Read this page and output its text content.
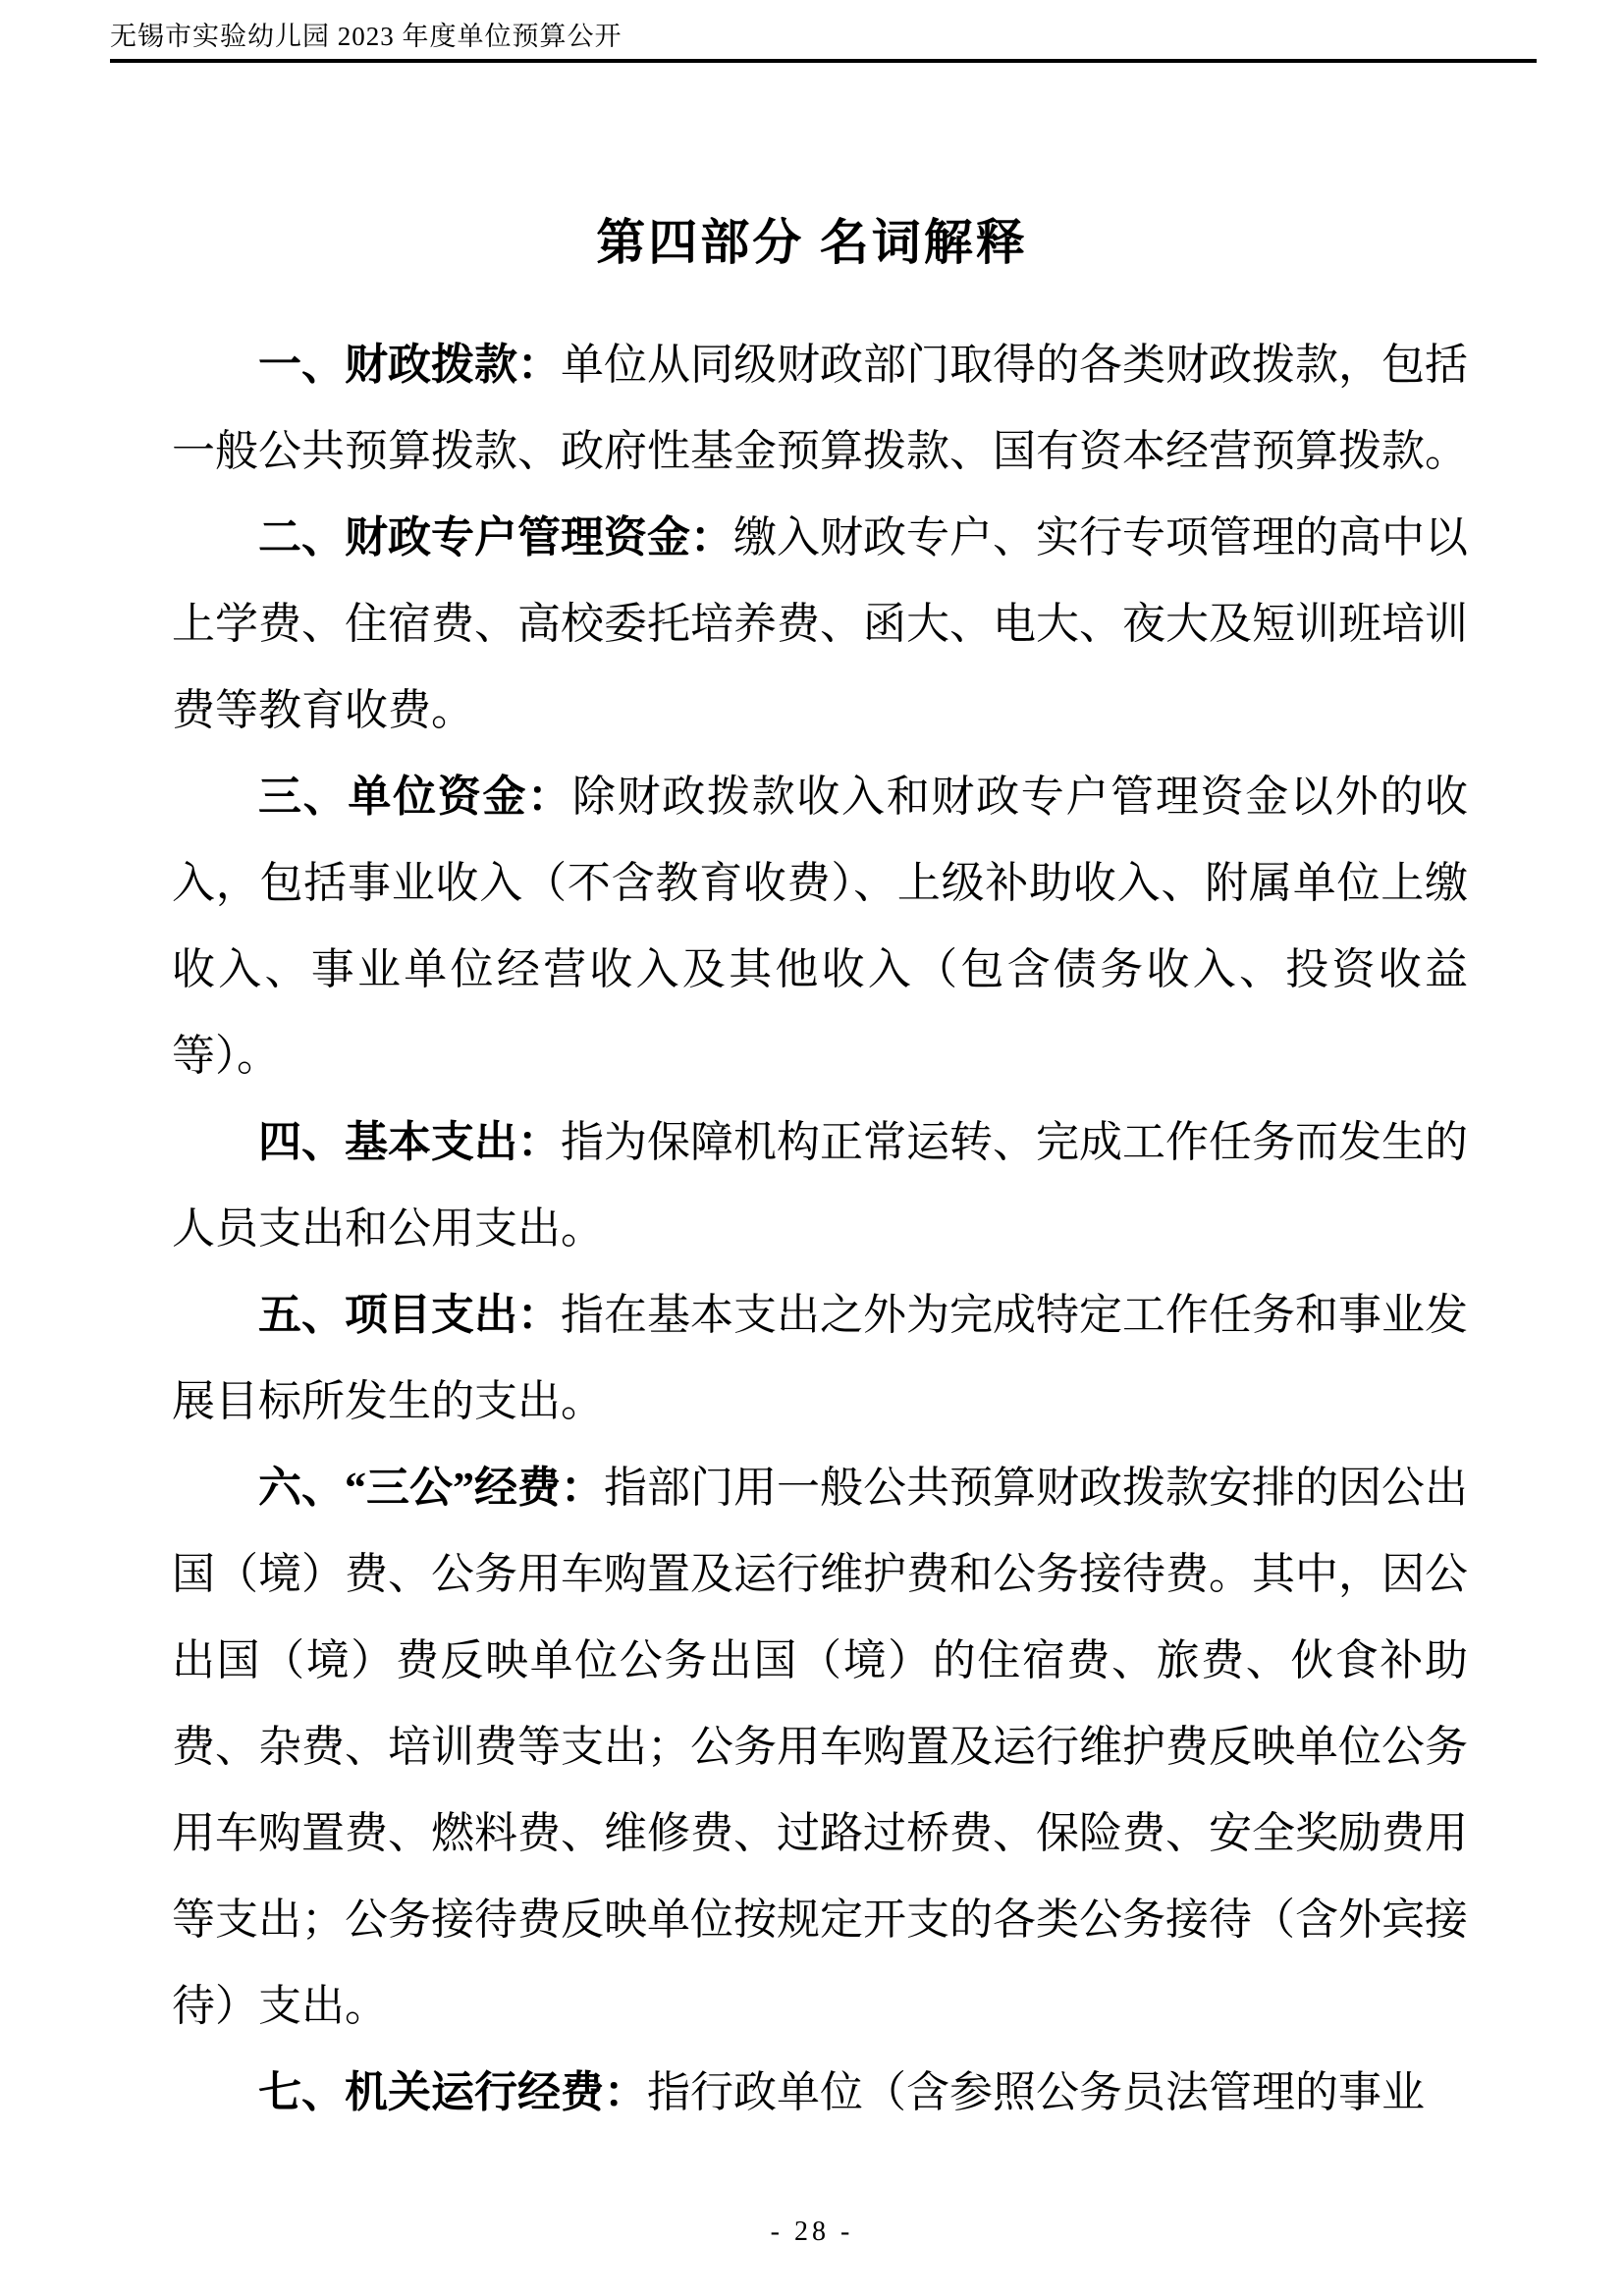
无锡市实验幼儿园 2023 年度单位预算公开
第四部分 名词解释

一、财政拨款：单位从同级财政部门取得的各类财政拨款，包括一般公共预算拨款、政府性基金预算拨款、国有资本经营预算拨款。

二、财政专户管理资金：缴入财政专户、实行专项管理的高中以上学费、住宿费、高校委托培养费、函大、电大、夜大及短训班培训费等教育收费。

三、单位资金：除财政拨款收入和财政专户管理资金以外的收入，包括事业收入（不含教育收费）、上级补助收入、附属单位上缴收入、事业单位经营收入及其他收入（包含债务收入、投资收益等）。

四、基本支出：指为保障机构正常运转、完成工作任务而发生的人员支出和公用支出。

五、项目支出：指在基本支出之外为完成特定工作任务和事业发展目标所发生的支出。

六、“三公”经费：指部门用一般公共预算财政拨款安排的因公出国（境）费、公务用车购置及运行维护费和公务接待费。其中，因公出国（境）费反映单位公务出国（境）的住宿费、旅费、伙食补助费、杂费、培训费等支出；公务用车购置及运行维护费反映单位公务用车购置费、燃料费、维修费、过路过桥费、保险费、安全奖励费用等支出；公务接待费反映单位按规定开支的各类公务接待（含外宾接待）支出。

七、机关运行经费：指行政单位（含参照公务员法管理的事业

- 28 -
